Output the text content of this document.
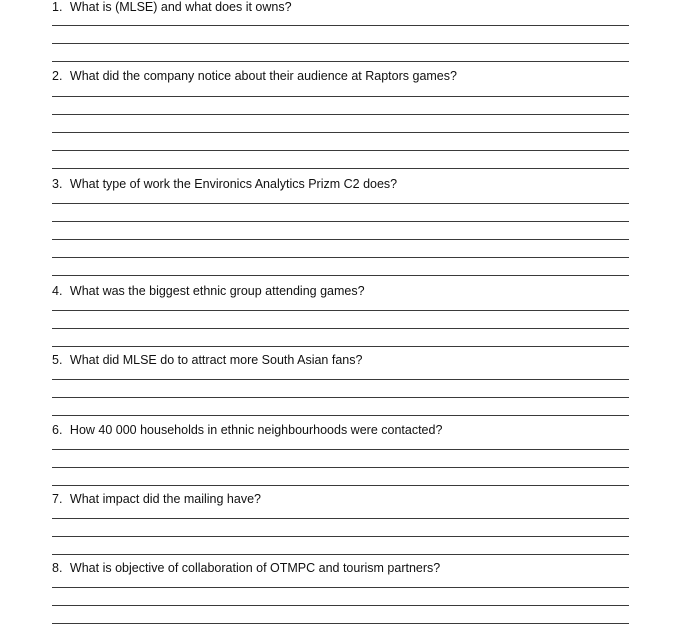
1. What is (MLSE) and what does it owns?
2. What did the company notice about their audience at Raptors games?
3. What type of work the Environics Analytics Prizm C2 does?
4. What was the biggest ethnic group attending games?
5. What did MLSE do to attract more South Asian fans?
6. How 40 000 households in ethnic neighbourhoods were contacted?
7. What impact did the mailing have?
8. What is objective of collaboration of OTMPC and tourism partners?
